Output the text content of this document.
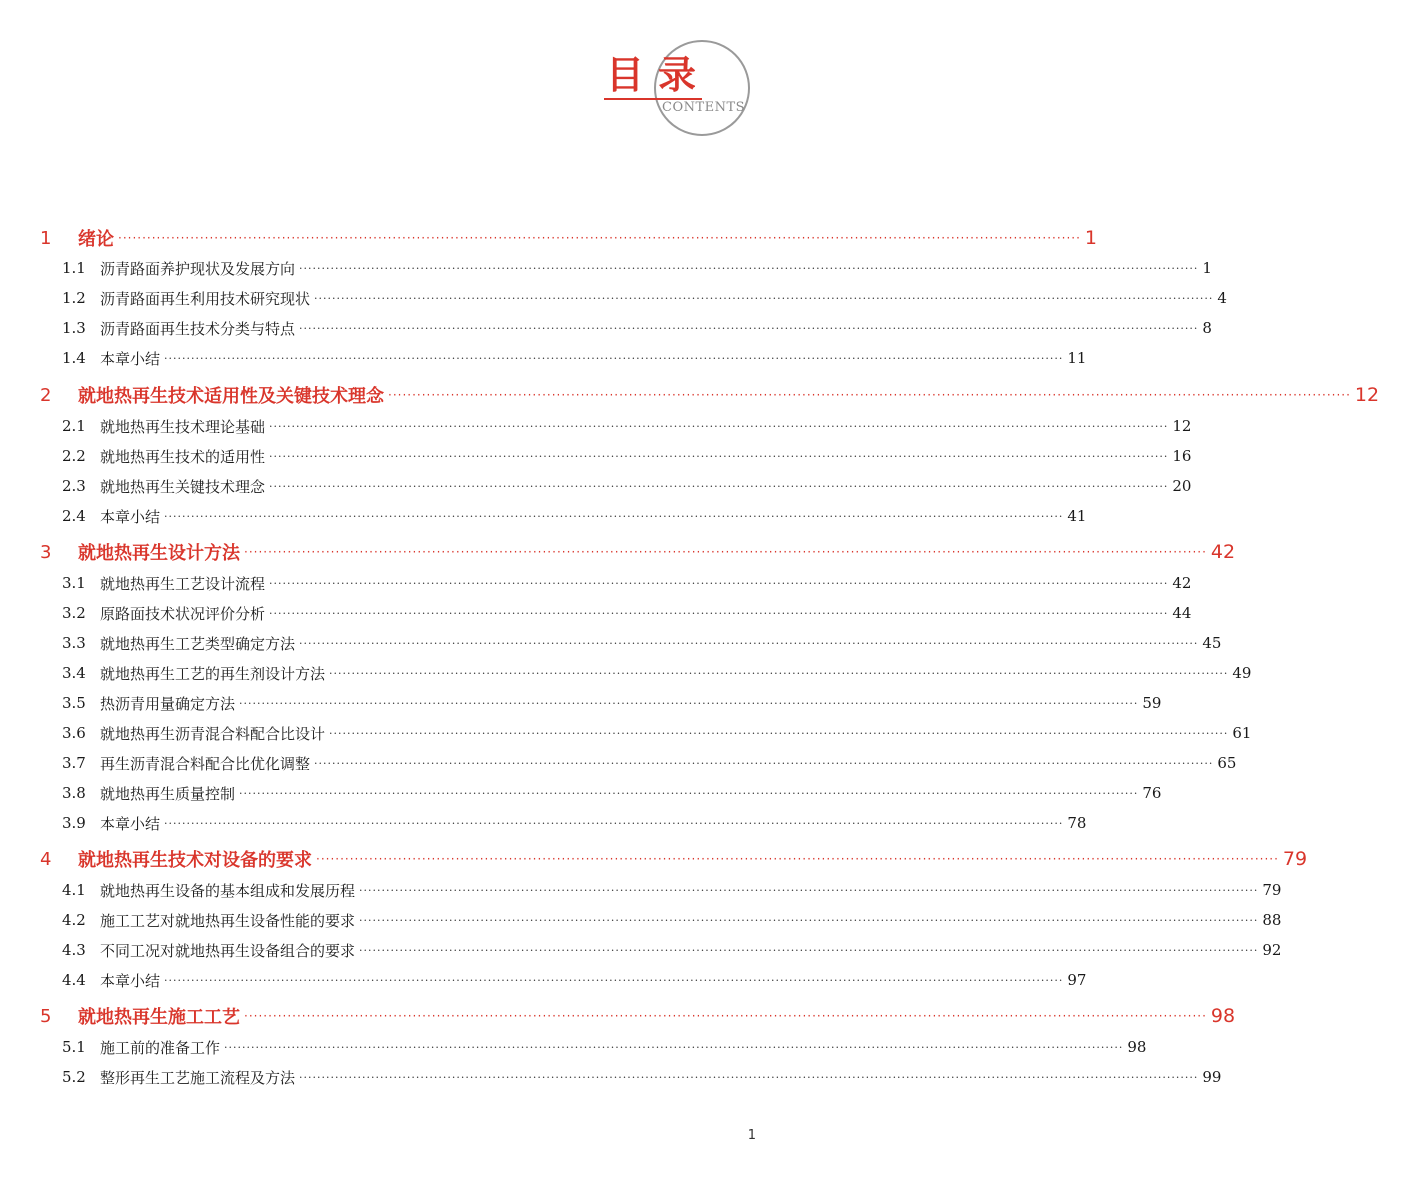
目录
CONTENTS
1	绪论 ········································································································································································································ 1
1.1 沥青路面养护现状及发展方向 ········································································································································································································ 1
1.2 沥青路面再生利用技术研究现状 ········································································································································································································ 4
1.3 沥青路面再生技术分类与特点 ········································································································································································································ 8
1.4 本章小结 ········································································································································································································ 11
2	就地热再生技术适用性及关键技术理念 ········································································································································································································ 12
2.1 就地热再生技术理论基础 ········································································································································································································ 12
2.2 就地热再生技术的适用性 ········································································································································································································ 16
2.3 就地热再生关键技术理念 ········································································································································································································ 20
2.4 本章小结 ········································································································································································································ 41
3	就地热再生设计方法 ········································································································································································································ 42
3.1 就地热再生工艺设计流程 ········································································································································································································ 42
3.2 原路面技术状况评价分析 ········································································································································································································ 44
3.3 就地热再生工艺类型确定方法 ········································································································································································································ 45
3.4 就地热再生工艺的再生剂设计方法 ········································································································································································································ 49
3.5 热沥青用量确定方法 ········································································································································································································ 59
3.6 就地热再生沥青混合料配合比设计 ········································································································································································································ 61
3.7 再生沥青混合料配合比优化调整 ········································································································································································································ 65
3.8 就地热再生质量控制 ········································································································································································································ 76
3.9 本章小结 ········································································································································································································ 78
4	就地热再生技术对设备的要求 ········································································································································································································ 79
4.1 就地热再生设备的基本组成和发展历程 ········································································································································································································ 79
4.2 施工工艺对就地热再生设备性能的要求 ········································································································································································································ 88
4.3 不同工况对就地热再生设备组合的要求 ········································································································································································································ 92
4.4 本章小结 ········································································································································································································ 97
5	就地热再生施工工艺 ········································································································································································································ 98
5.1 施工前的准备工作 ········································································································································································································ 98
5.2 整形再生工艺施工流程及方法 ········································································································································································································ 99
1
